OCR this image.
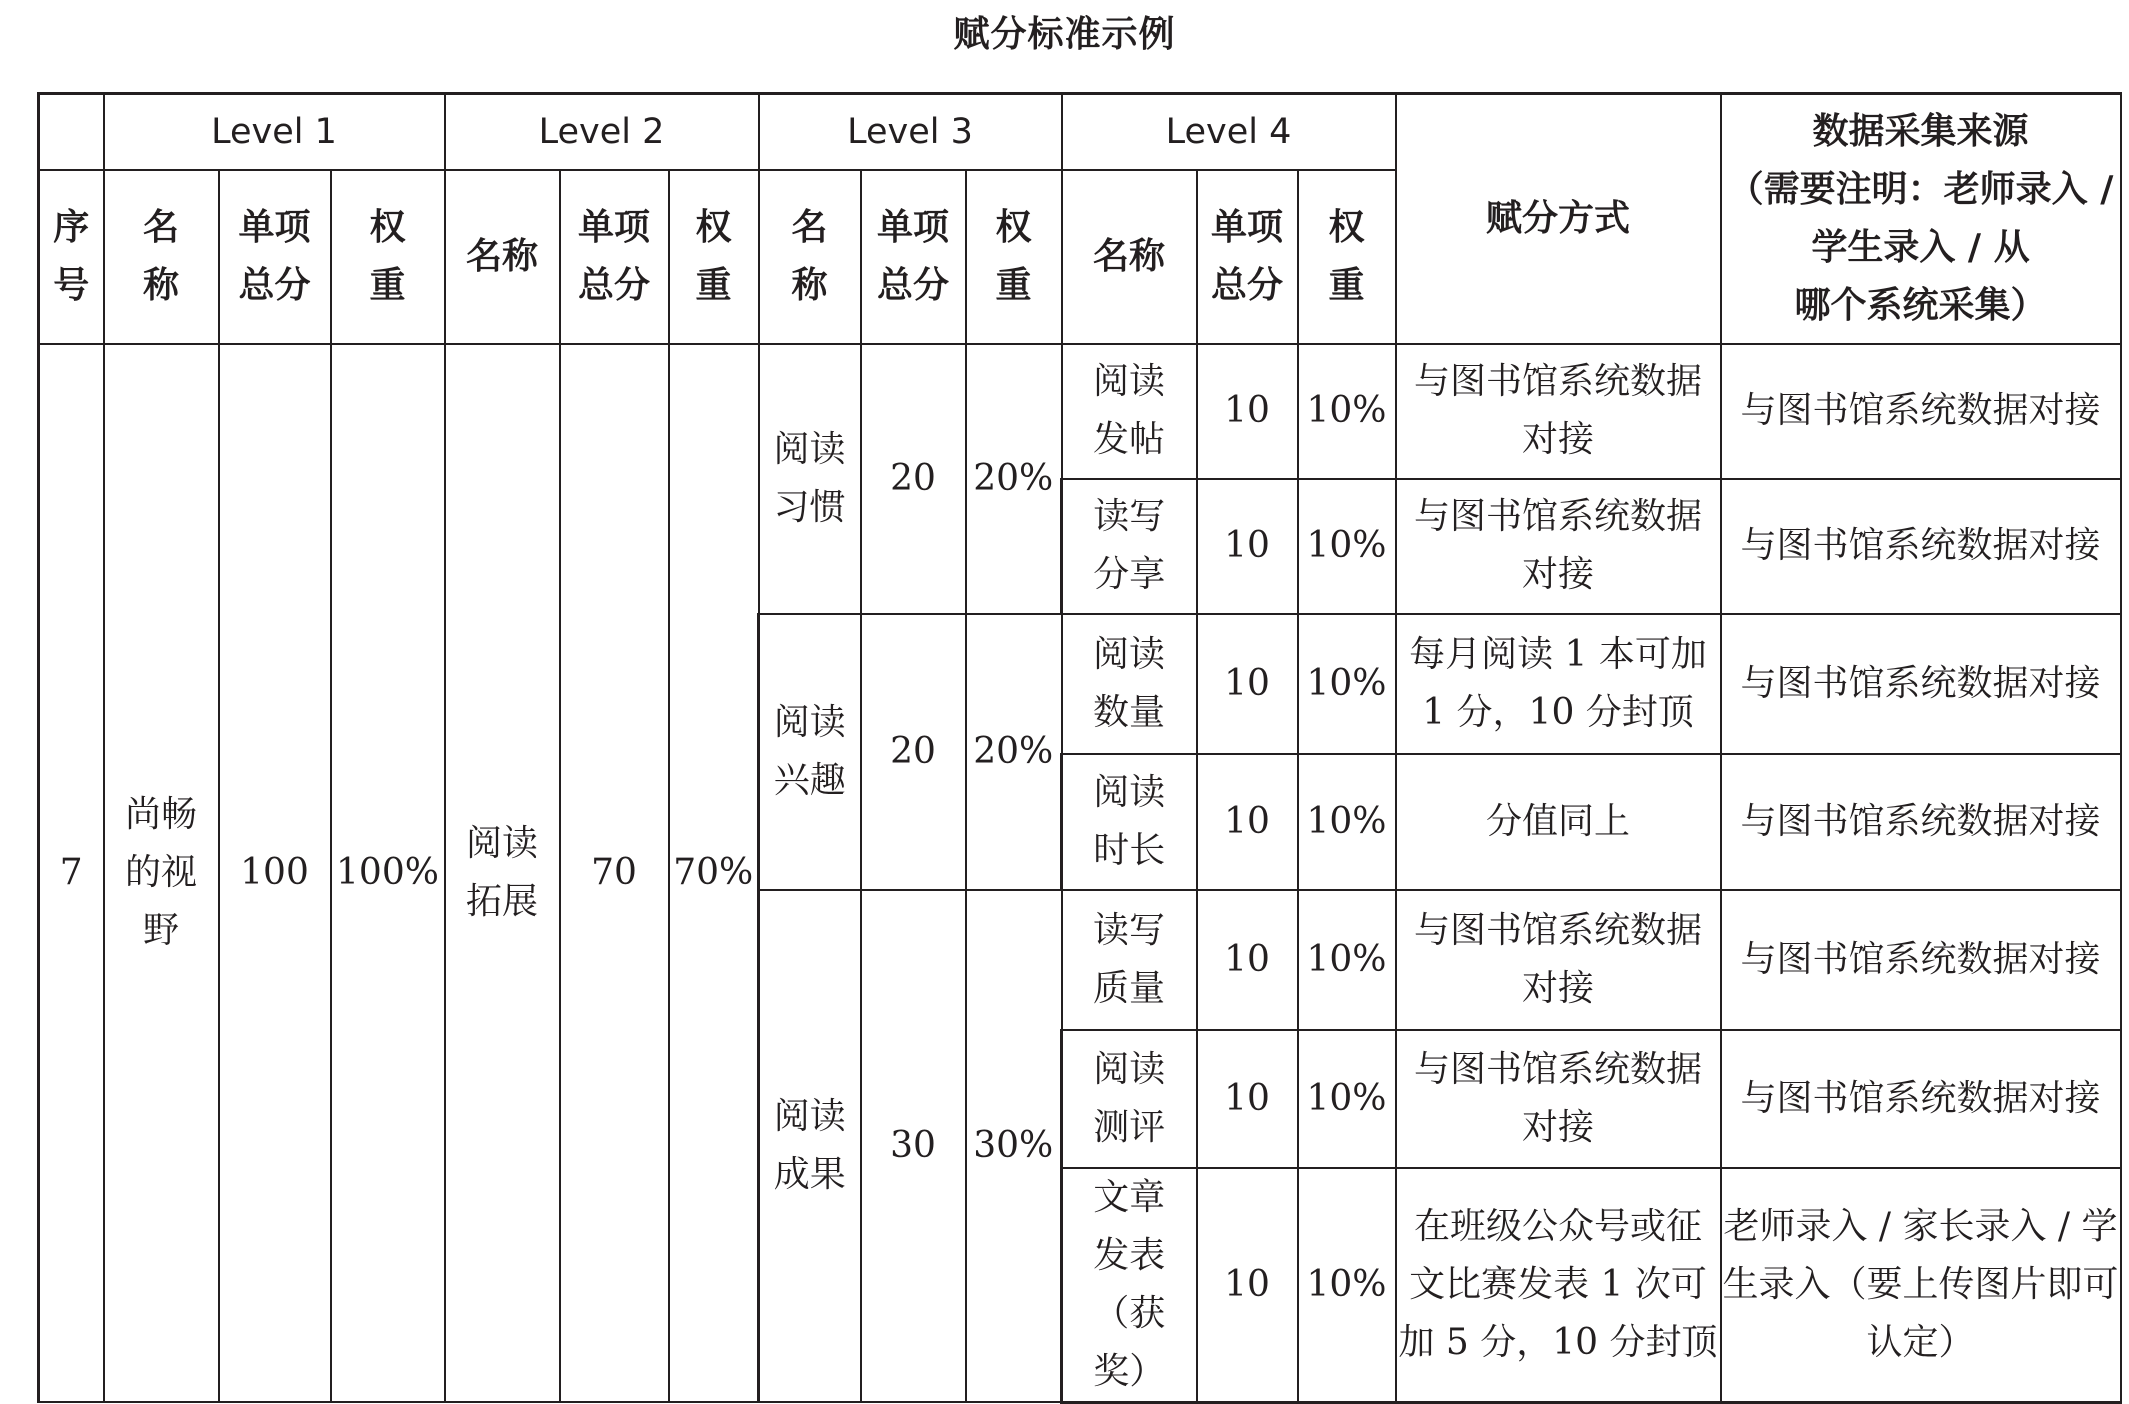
赋分标准示例
	Level 1			Level 2			Level 3			Level 4			赋分方式	数据采集来源
（需要注明：老师录入 /
学生录入 / 从
哪个系统采集）
序号	名称	单项总分	权重	名称	单项总分	权重	名称	单项总分	权重	名称	单项总分	权重		
7	尚畅的视野	100	100%	阅读拓展	70	70%	阅读习惯	20	20%	阅读发帖	10	10%	与图书馆系统数据对接	与图书馆系统数据对接
										读写分享	10	10%	与图书馆系统数据对接	与图书馆系统数据对接
							阅读兴趣	20	20%	阅读数量	10	10%	每月阅读 1 本可加 1 分，10 分封顶	与图书馆系统数据对接
										阅读时长	10	10%	分值同上	与图书馆系统数据对接
							阅读成果	30	30%	读写质量	10	10%	与图书馆系统数据对接	与图书馆系统数据对接
										阅读测评	10	10%	与图书馆系统数据对接	与图书馆系统数据对接
										文章发表（获奖）	10	10%	在班级公众号或征文比赛发表 1 次可加 5 分，10 分封顶	老师录入 / 家长录入 / 学生录入（要上传图片即可认定）
